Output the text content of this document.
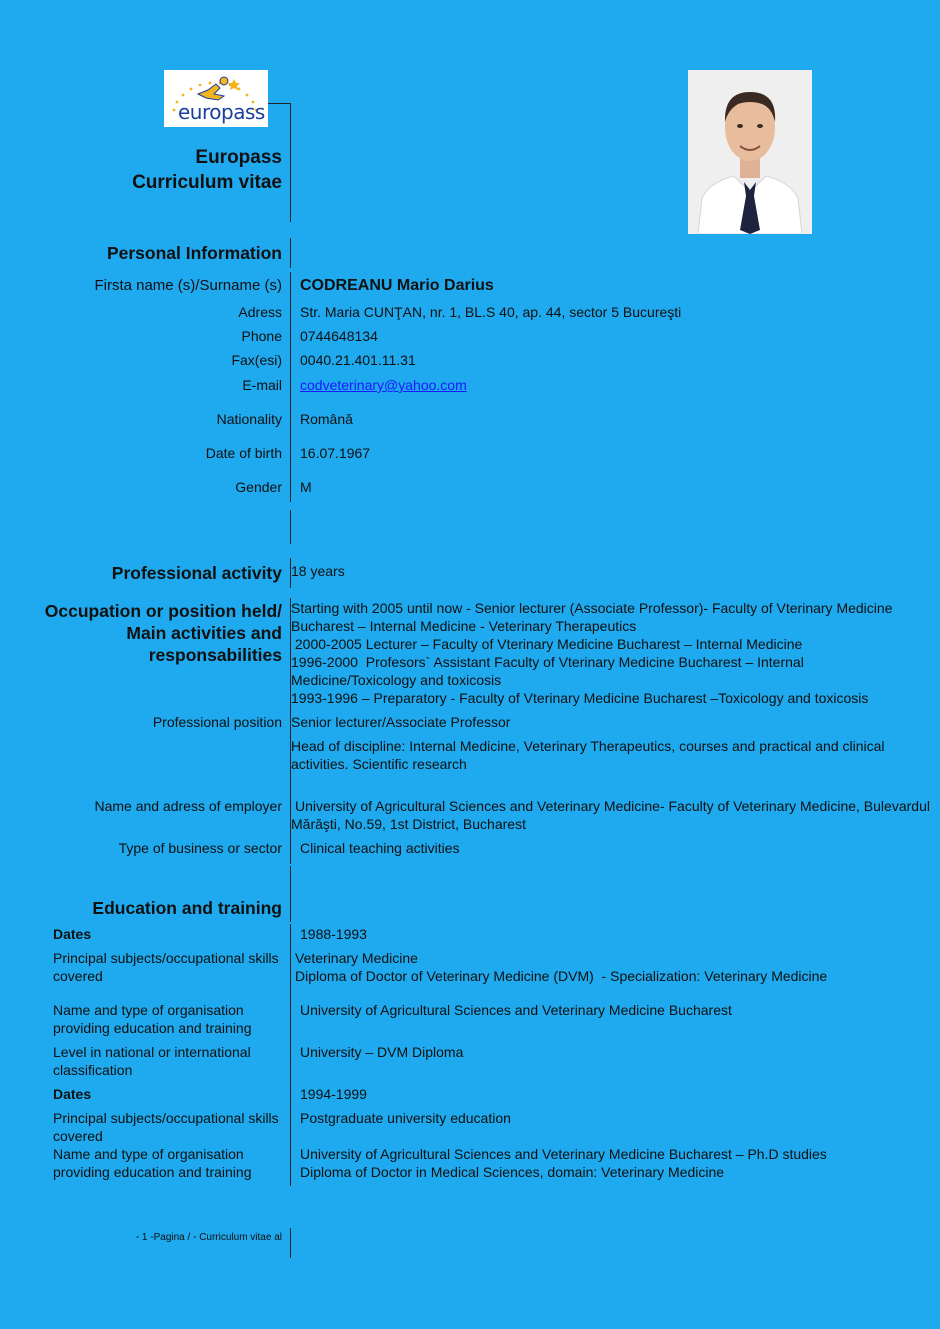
europass
Europass
Curriculum vitae
Personal Information
Firsta name (s)/Surname (s) CODREANU Mario Darius
Adress Str. Maria CUNŢAN, nr. 1, BL.S 40, ap. 44, sector 5 Bucureşti
Phone 0744648134
Fax(esi) 0040.21.401.11.31
E-mail codveterinary@yahoo.com
Nationality Română
Date of birth 16.07.1967
Gender M
Professional activity 18 years
Occupation or position held/
Main activities and
responsabilities
Starting with 2005 until now - Senior lecturer (Associate Professor)- Faculty of Vterinary Medicine
Bucharest – Internal Medicine - Veterinary Therapeutics
2000-2005 Lecturer – Faculty of Vterinary Medicine Bucharest – Internal Medicine
1996-2000  Profesors` Assistant Faculty of Vterinary Medicine Bucharest – Internal
Medicine/Toxicology and toxicosis
1993-1996 – Preparatory - Faculty of Vterinary Medicine Bucharest –Toxicology and toxicosis
Professional position Senior lecturer/Associate Professor
Head of discipline: Internal Medicine, Veterinary Therapeutics, courses and practical and clinical
activities. Scientific research
Name and adress of employer University of Agricultural Sciences and Veterinary Medicine- Faculty of Veterinary Medicine, Bulevardul
Mărăşti, No.59, 1st District, Bucharest
Type of business or sector Clinical teaching activities
Education and training
Dates	1988-1993
Principal subjects/occupational skills
covered
Veterinary Medicine
Diploma of Doctor of Veterinary Medicine (DVM)  - Specialization: Veterinary Medicine
Name and type of organisation
providing education and training
University of Agricultural Sciences and Veterinary Medicine Bucharest
Level in national or international
classification
University – DVM Diploma
Dates	1994-1999
Principal subjects/occupational skills
covered
Postgraduate university education
Name and type of organisation
providing education and training
University of Agricultural Sciences and Veterinary Medicine Bucharest – Ph.D studies
Diploma of Doctor in Medical Sciences, domain: Veterinary Medicine
- 1 -Pagina / - Curriculum vitae al
